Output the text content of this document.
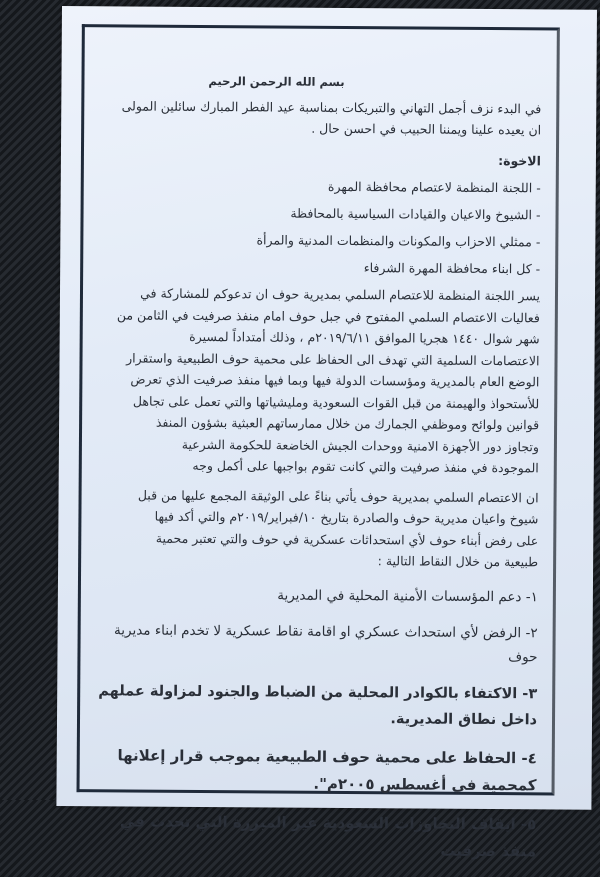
بسم الله الرحمن الرحيم
في البدء نزف أجمل التهاني والتبريكات بمناسبة عيد الفطر المبارك سائلين المولى
ان يعيده علينا ويمننا الحبيب في احسن حال .
الاخوة:
- اللجنة المنظمة لاعتصام محافظة المهرة
- الشيوخ والاعيان والقيادات السياسية بالمحافظة
- ممثلي الاحزاب والمكونات والمنظمات المدنية والمرأة
- كل ابناء محافظة المهرة الشرفاء
يسر اللجنة المنظمة للاعتصام السلمي بمديرية حوف ان تدعوكم للمشاركة في
فعاليات الاعتصام السلمي المفتوح في جبل حوف امام منفذ صرفيت في الثامن من
شهر شوال ١٤٤٠ هجريا الموافق ٢٠١٩/٦/١١م ، وذلك أمتداداً لمسيرة
الاعتصامات السلمية التي تهدف الى الحفاظ على محمية حوف الطبيعية واستقرار
الوضع العام بالمديرية ومؤسسات الدولة فيها وبما فيها منفذ صرفيت الذي تعرض
للأستحواذ والهيمنة من قبل القوات السعودية ومليشياتها والتي تعمل على تجاهل
قوانين ولوائح وموظفي الجمارك من خلال ممارساتهم العبثية بشؤون المنفذ
وتجاوز دور الأجهزة الامنية ووحدات الجيش الخاضعة للحكومة الشرعية
الموجودة في منفذ صرفيت والتي كانت تقوم بواجبها على أكمل وجه
ان الاعتصام السلمي بمديرية حوف يأتي بناءً على الوثيقة المجمع عليها من قبل
شيوخ واعيان مديرية حوف والصادرة بتاريخ ١٠/فبراير/٢٠١٩م والتي أكد فيها
على رفض أبناء حوف لأي استحداثات عسكرية في حوف والتي تعتبر محمية
طبيعية من خلال النقاط التالية :
١- دعم المؤسسات الأمنية المحلية في المديرية
٢- الرفض لأي استحداث عسكري او اقامة نقاط عسكرية لا تخدم ابناء مديرية حوف
٣- الاكتفاء بالكوادر المحلية من الضباط والجنود لمزاولة عملهم داخل نطاق المديرية.
٤- الحفاظ على محمية حوف الطبيعية بموجب قرار إعلانها كمحمية في أغسطس ٢٠٠٥م".
٥- ايقاف التجاوزات السعودية غير المبررة التي تحدث في منفذ صرفيت
